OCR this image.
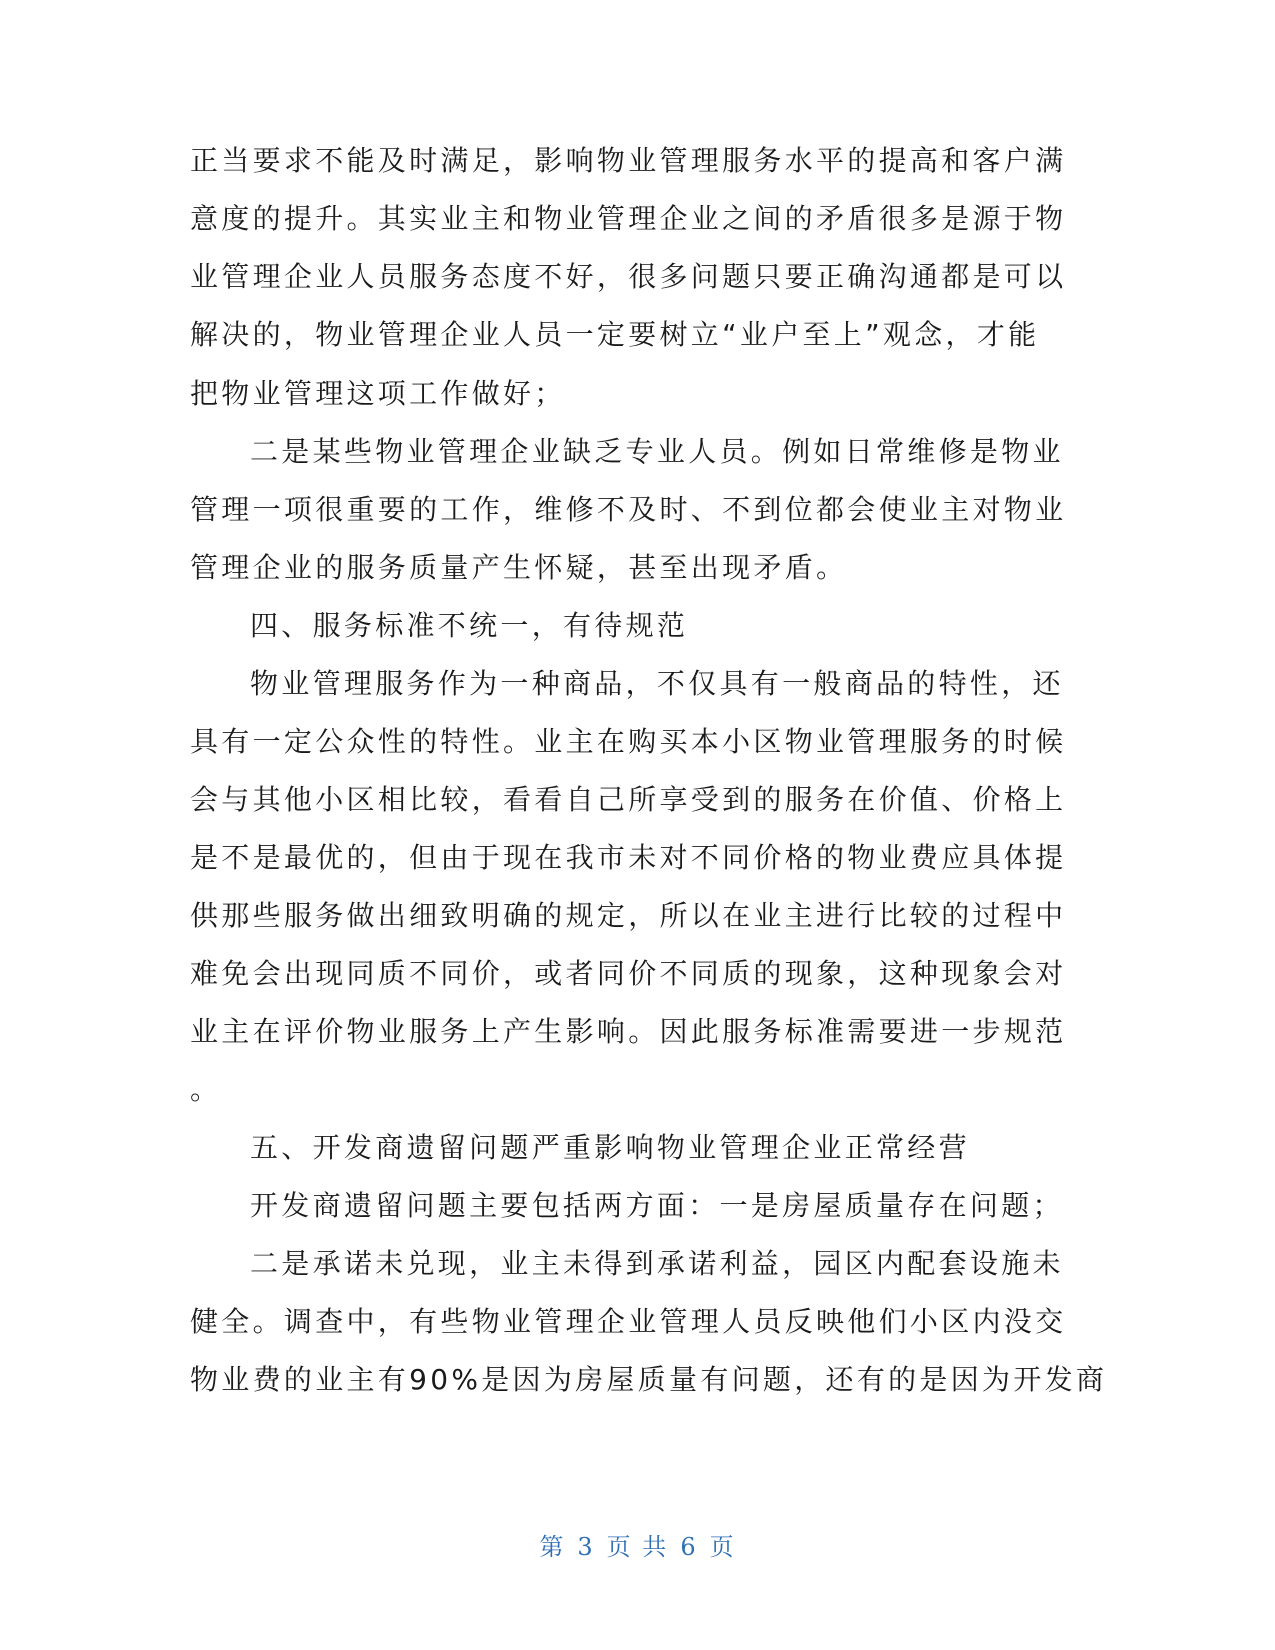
正当要求不能及时满足，影响物业管理服务水平的提高和客户满
意度的提升。其实业主和物业管理企业之间的矛盾很多是源于物
业管理企业人员服务态度不好，很多问题只要正确沟通都是可以
解决的，物业管理企业人员一定要树立“业户至上”观念，才能
把物业管理这项工作做好；
二是某些物业管理企业缺乏专业人员。例如日常维修是物业
管理一项很重要的工作，维修不及时、不到位都会使业主对物业
管理企业的服务质量产生怀疑，甚至出现矛盾。
四、服务标准不统一，有待规范
物业管理服务作为一种商品，不仅具有一般商品的特性，还
具有一定公众性的特性。业主在购买本小区物业管理服务的时候
会与其他小区相比较，看看自己所享受到的服务在价值、价格上
是不是最优的，但由于现在我市未对不同价格的物业费应具体提
供那些服务做出细致明确的规定，所以在业主进行比较的过程中
难免会出现同质不同价，或者同价不同质的现象，这种现象会对
业主在评价物业服务上产生影响。因此服务标准需要进一步规范
。
五、开发商遗留问题严重影响物业管理企业正常经营
开发商遗留问题主要包括两方面：一是房屋质量存在问题；
二是承诺未兑现，业主未得到承诺利益，园区内配套设施未
健全。调查中，有些物业管理企业管理人员反映他们小区内没交
物业费的业主有90%是因为房屋质量有问题，还有的是因为开发商
第 3 页 共 6 页
